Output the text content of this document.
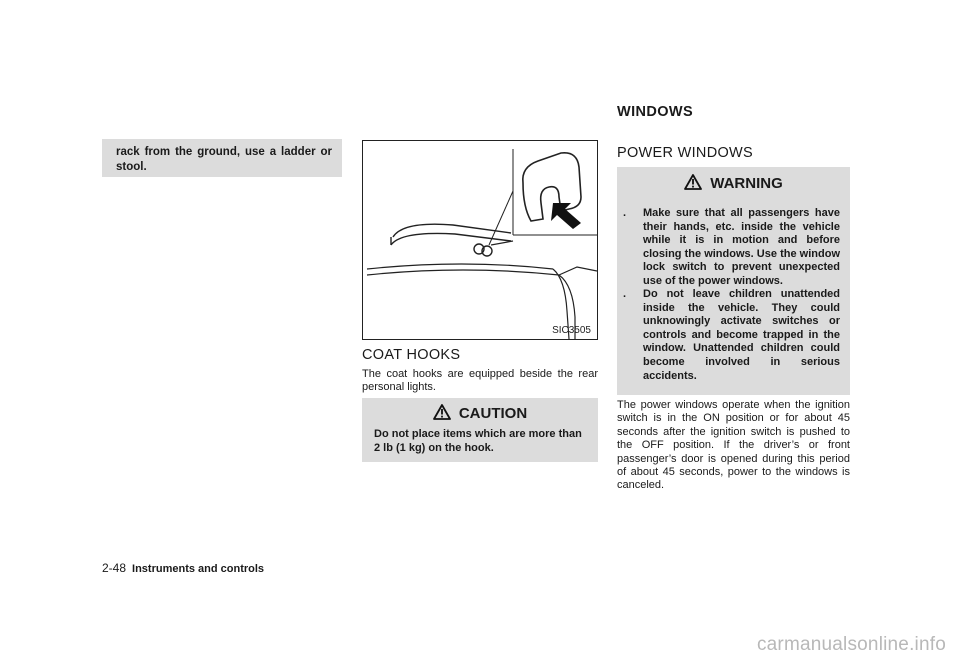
rack from the ground, use a ladder or stool.
SIC3505
COAT HOOKS
The coat hooks are equipped beside the rear personal lights.
CAUTION
Do not place items which are more than 2 lb (1 kg) on the hook.
WINDOWS
POWER WINDOWS
WARNING
.	Make sure that all passengers have their hands, etc. inside the vehicle while it is in motion and before closing the windows. Use the window lock switch to prevent unexpected use of the power windows.
.	Do not leave children unattended inside the vehicle. They could unknowingly activate switches or controls and become trapped in the window. Unattended children could become involved in serious accidents.
The power windows operate when the ignition switch is in the ON position or for about 45 seconds after the ignition switch is pushed to the OFF position. If the driver’s or front passenger’s door is opened during this period of about 45 seconds, power to the windows is canceled.
2-48 Instruments and controls
carmanualsonline.info
